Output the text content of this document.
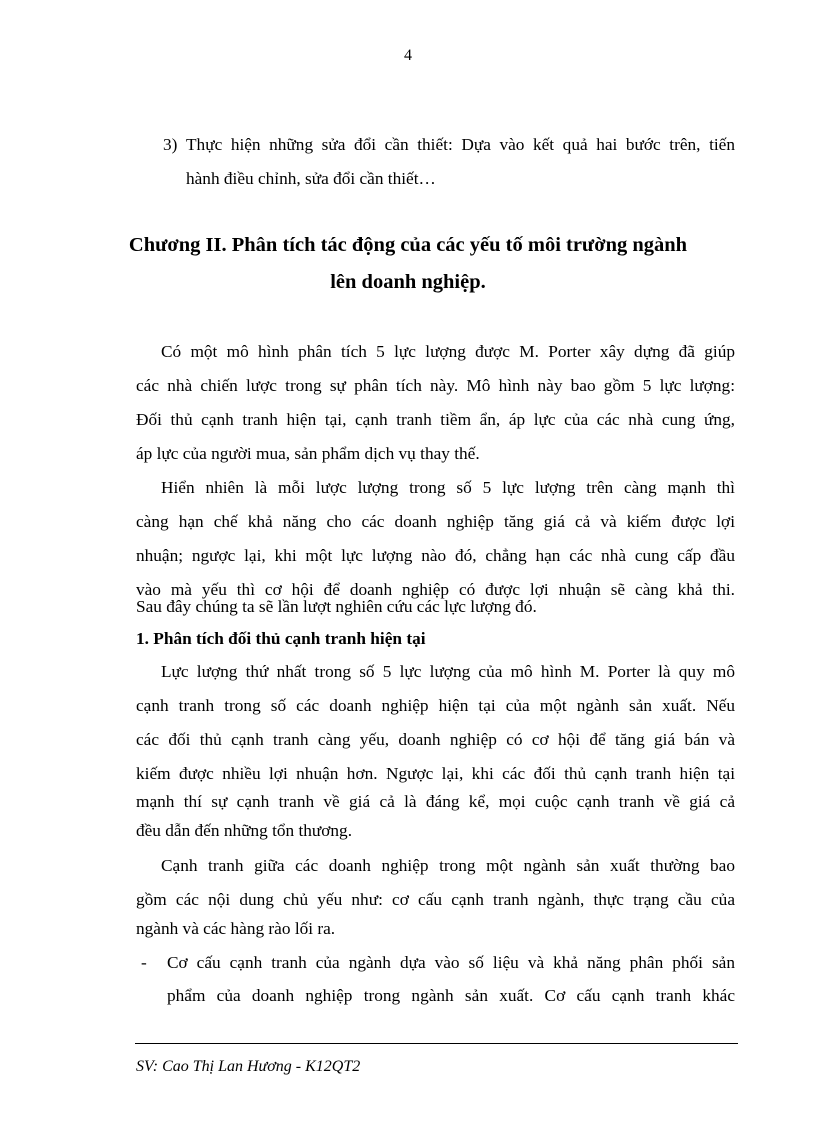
4
3) Thực hiện những sửa đổi cần thiết: Dựa vào kết quả hai bước trên, tiến
hành điều chỉnh, sửa đổi cần thiết…
Chương II. Phân tích tác động của các yếu tố môi trường ngành
lên doanh nghiệp.
Có một mô hình phân tích 5 lực lượng được M. Porter xây dựng đã giúp
các nhà chiến lược trong sự phân tích này. Mô hình này bao gồm 5 lực lượng:
Đối thủ cạnh tranh hiện tại, cạnh tranh tiềm ẩn, áp lực của các nhà cung ứng,
áp lực của người mua, sản phẩm dịch vụ thay thế.
Hiển nhiên là mỗi lược lượng trong số 5 lực lượng trên càng mạnh thì
càng hạn chế khả năng cho các doanh nghiệp tăng giá cả và kiếm được lợi
nhuận; ngược lại, khi một lực lượng nào đó, chẳng hạn các nhà cung cấp đầu
vào mà yếu thì cơ hội để doanh nghiệp có được lợi nhuận sẽ càng khả thi.
Sau đây chúng ta sẽ lần lượt nghiên cứu các lực lượng đó.
1. Phân tích đối thủ cạnh tranh hiện tại
Lực lượng thứ nhất trong số 5 lực lượng của mô hình M. Porter là quy mô
cạnh tranh trong số các doanh nghiệp hiện tại của một ngành sản xuất. Nếu
các đối thủ cạnh tranh càng yếu, doanh nghiệp có cơ hội để tăng giá bán và
kiếm được nhiều lợi nhuận hơn. Ngược lại, khi các đối thủ cạnh tranh hiện tại
mạnh thí sự cạnh tranh về giá cả là đáng kể, mọi cuộc cạnh tranh về giá cả
đều dẫn đến những tổn thương.
Cạnh tranh giữa các doanh nghiệp trong một ngành sản xuất thường bao
gồm các nội dung chủ yếu như: cơ cấu cạnh tranh ngành, thực trạng cầu của
ngành và các hàng rào lối ra.
- Cơ cấu cạnh tranh của ngành dựa vào số liệu và khả năng phân phối sản
phẩm của doanh nghiệp trong ngành sản xuất. Cơ cấu cạnh tranh khác
SV: Cao Thị Lan Hương - K12QT2
